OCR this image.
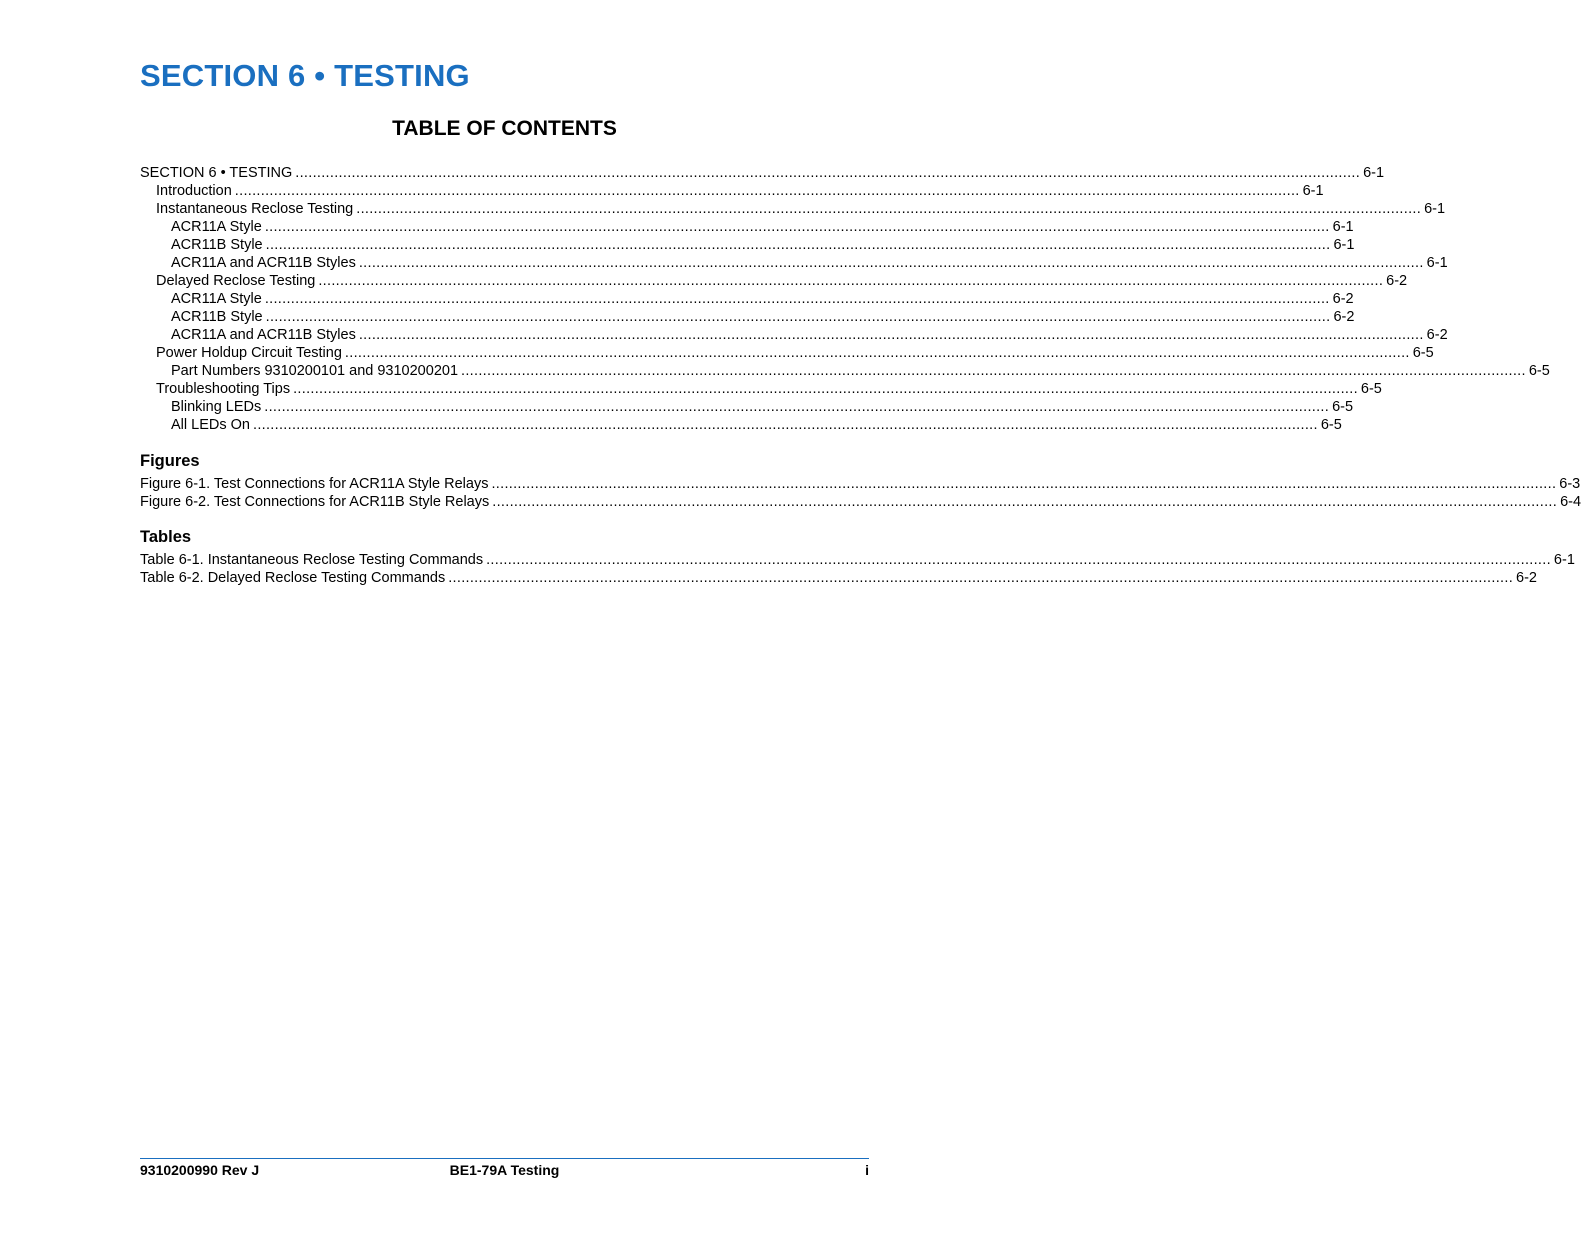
SECTION 6 • TESTING
TABLE OF CONTENTS
SECTION 6 • TESTING ...................................................................................................................................................................................................................................................... 6-1
Introduction ...................................................................................................................................................................................................................................................... 6-1
Instantaneous Reclose Testing ...................................................................................................................................................................................................................................................... 6-1
ACR11A Style ...................................................................................................................................................................................................................................................... 6-1
ACR11B Style ...................................................................................................................................................................................................................................................... 6-1
ACR11A and ACR11B Styles ...................................................................................................................................................................................................................................................... 6-1
Delayed Reclose Testing ...................................................................................................................................................................................................................................................... 6-2
ACR11A Style ...................................................................................................................................................................................................................................................... 6-2
ACR11B Style ...................................................................................................................................................................................................................................................... 6-2
ACR11A and ACR11B Styles ...................................................................................................................................................................................................................................................... 6-2
Power Holdup Circuit Testing ...................................................................................................................................................................................................................................................... 6-5
Part Numbers 9310200101 and 9310200201 ...................................................................................................................................................................................................................................................... 6-5
Troubleshooting Tips ...................................................................................................................................................................................................................................................... 6-5
Blinking LEDs ...................................................................................................................................................................................................................................................... 6-5
All LEDs On ...................................................................................................................................................................................................................................................... 6-5
Figures
Figure 6-1. Test Connections for ACR11A Style Relays ...................................................................................................................................................................................................................................................... 6-3
Figure 6-2. Test Connections for ACR11B Style Relays ...................................................................................................................................................................................................................................................... 6-4
Tables
Table 6-1. Instantaneous Reclose Testing Commands ...................................................................................................................................................................................................................................................... 6-1
Table 6-2. Delayed Reclose Testing Commands ...................................................................................................................................................................................................................................................... 6-2
9310200990 Rev J	BE1-79A Testing	i
